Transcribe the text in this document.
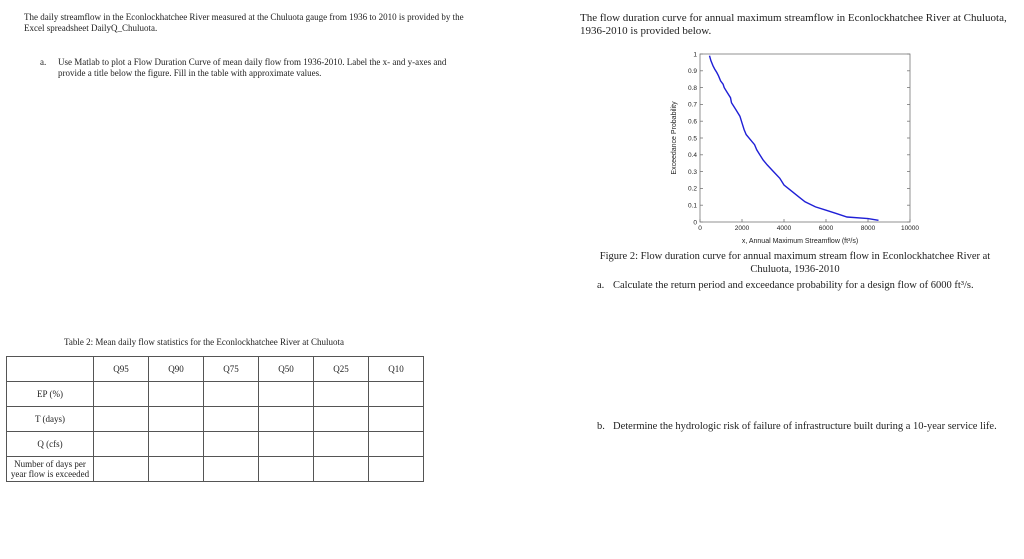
The daily streamflow in the Econlockhatchee River measured at the Chuluota gauge from 1936 to 2010 is provided by the Excel spreadsheet DailyQ_Chuluota.
a. Use Matlab to plot a Flow Duration Curve of mean daily flow from 1936-2010. Label the x- and y-axes and provide a title below the figure. Fill in the table with approximate values.
Table 2: Mean daily flow statistics for the Econlockhatchee River at Chuluota
	Q95	Q90	Q75	Q50	Q25	Q10
EP (%)						
T (days)						
Q (cfs)						

Number of days per year flow is exceeded						

The flow duration curve for annual maximum streamflow in Econlockhatchee River at Chuluota, 1936-2010 is provided below.
0	2000	4000	6000	8000	10000
0
0.1
0.2
0.3
0.4
0.5
0.6
0.7
0.8
0.9
1
Exceedance Probability
x, Annual Maximum Streamflow (ft³/s)
Figure 2: Flow duration curve for annual maximum stream flow in Econlockhatchee River at Chuluota, 1936-2010
a. Calculate the return period and exceedance probability for a design flow of 6000 ft³/s.
b. Determine the hydrologic risk of failure of infrastructure built during a 10-year service life.
